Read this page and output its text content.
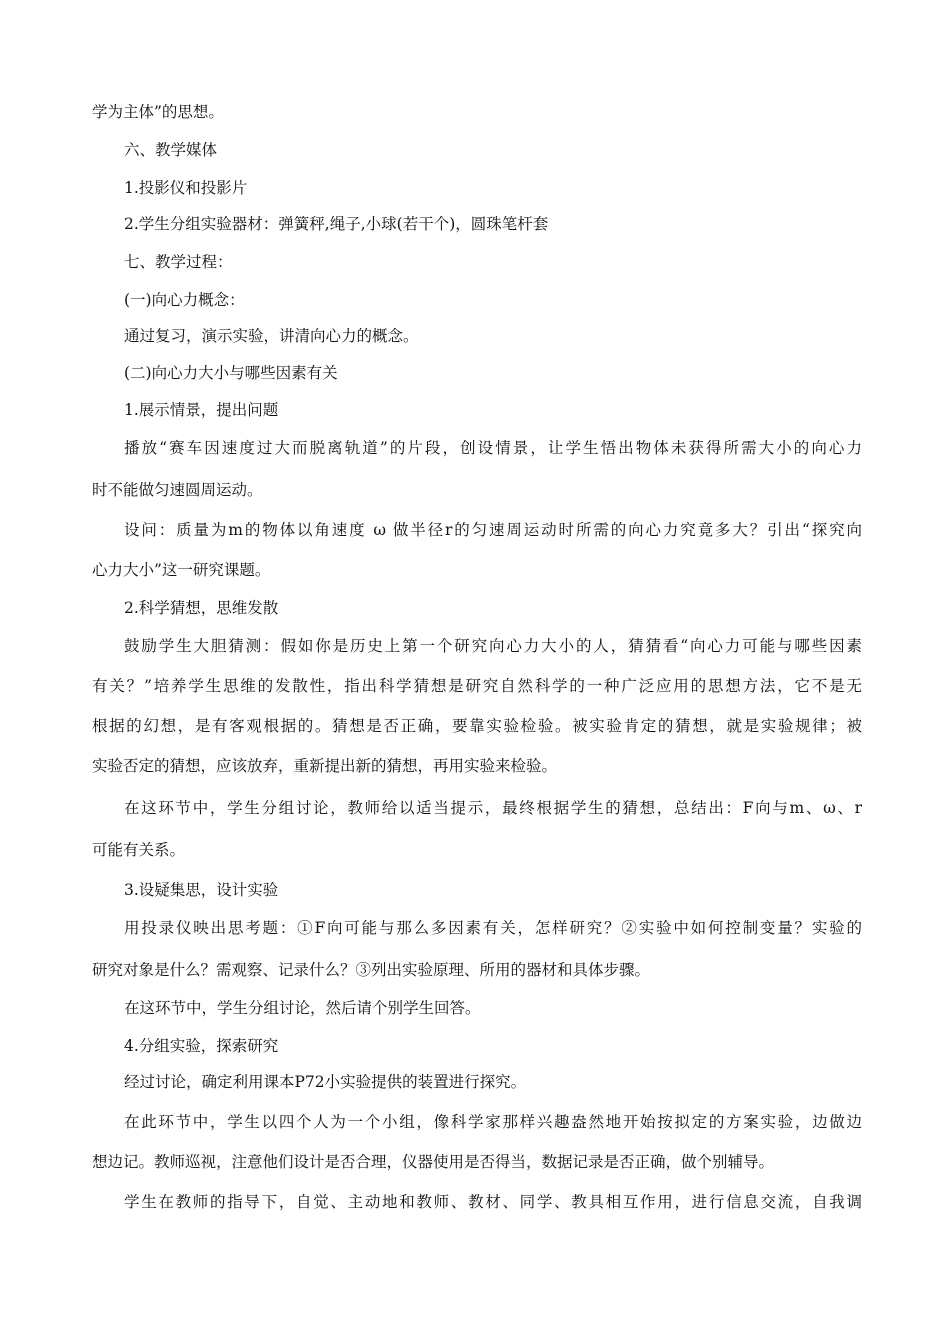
学为主体”的思想。
六、教学媒体
1.投影仪和投影片
2.学生分组实验器材：弹簧秤,绳子,小球(若干个)，圆珠笔杆套
七、教学过程：
(一)向心力概念：
通过复习，演示实验，讲清向心力的概念。
(二)向心力大小与哪些因素有关
1.展示情景，提出问题
播放“赛车因速度过大而脱离轨道”的片段，创设情景，让学生悟出物体未获得所需大小的向心力
时不能做匀速圆周运动。
设问：质量为m的物体以角速度 ω 做半径r的匀速周运动时所需的向心力究竟多大？引出“探究向
心力大小”这一研究课题。
2.科学猜想，思维发散
鼓励学生大胆猜测：假如你是历史上第一个研究向心力大小的人，猜猜看“向心力可能与哪些因素
有关？”培养学生思维的发散性，指出科学猜想是研究自然科学的一种广泛应用的思想方法，它不是无
根据的幻想，是有客观根据的。猜想是否正确，要靠实验检验。被实验肯定的猜想，就是实验规律；被
实验否定的猜想，应该放弃，重新提出新的猜想，再用实验来检验。
在这环节中，学生分组讨论，教师给以适当提示，最终根据学生的猜想，总结出：F向与m、ω、r
可能有关系。
3.设疑集思，设计实验
用投录仪映出思考题：①F向可能与那么多因素有关，怎样研究？②实验中如何控制变量？实验的
研究对象是什么？需观察、记录什么？③列出实验原理、所用的器材和具体步骤。
在这环节中，学生分组讨论，然后请个别学生回答。
4.分组实验，探索研究
经过讨论，确定利用课本P72小实验提供的装置进行探究。
在此环节中，学生以四个人为一个小组，像科学家那样兴趣盎然地开始按拟定的方案实验，边做边
想边记。教师巡视，注意他们设计是否合理，仪器使用是否得当，数据记录是否正确，做个别辅导。
学生在教师的指导下，自觉、主动地和教师、教材、同学、教具相互作用，进行信息交流，自我调
